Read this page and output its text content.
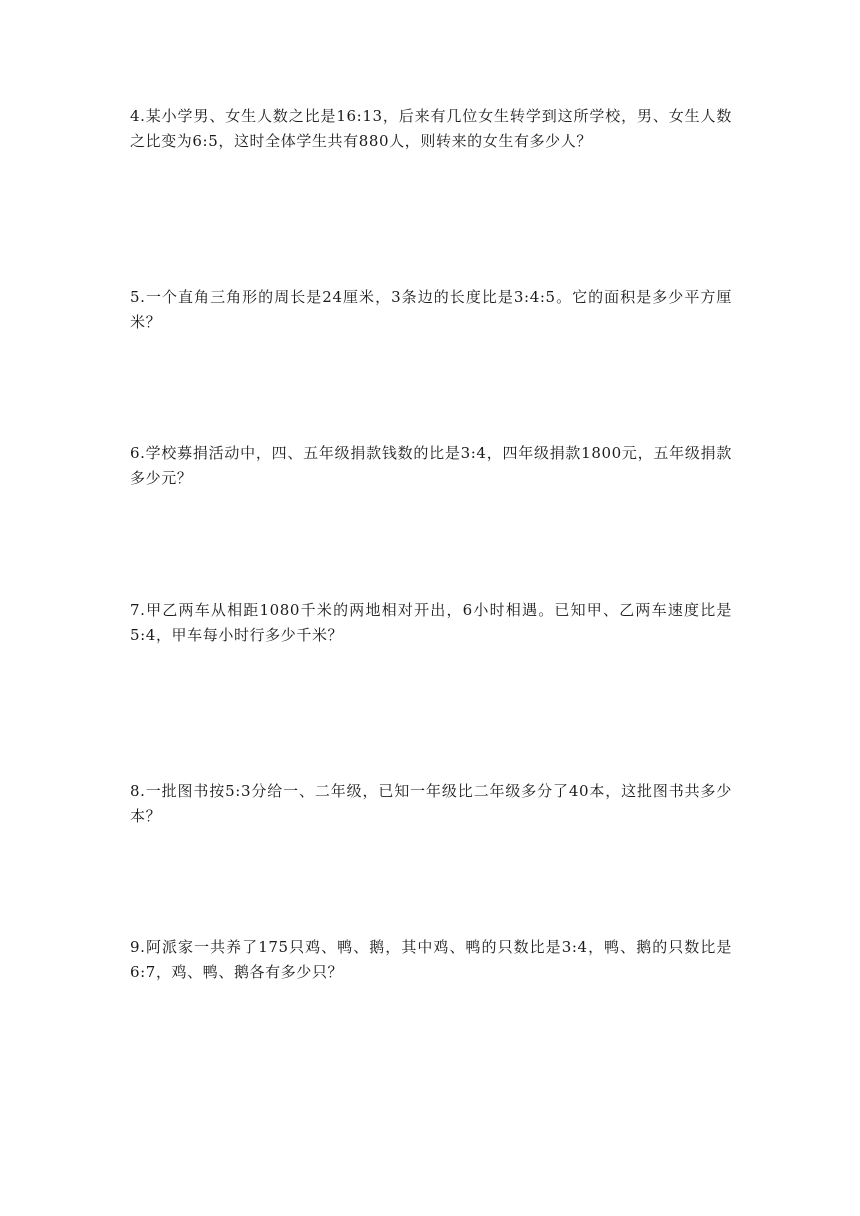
4.某小学男、女生人数之比是16:13，后来有几位女生转学到这所学校，男、女生人数之比变为6:5，这时全体学生共有880人，则转来的女生有多少人？

5.一个直角三角形的周长是24厘米，3条边的长度比是3:4:5。它的面积是多少平方厘米？

6.学校募捐活动中，四、五年级捐款钱数的比是3:4，四年级捐款1800元，五年级捐款多少元？

7.甲乙两车从相距1080千米的两地相对开出，6小时相遇。已知甲、乙两车速度比是5:4，甲车每小时行多少千米？

8.一批图书按5:3分给一、二年级，已知一年级比二年级多分了40本，这批图书共多少本？

9.阿派家一共养了175只鸡、鸭、鹅，其中鸡、鸭的只数比是3:4，鸭、鹅的只数比是6:7，鸡、鸭、鹅各有多少只？
